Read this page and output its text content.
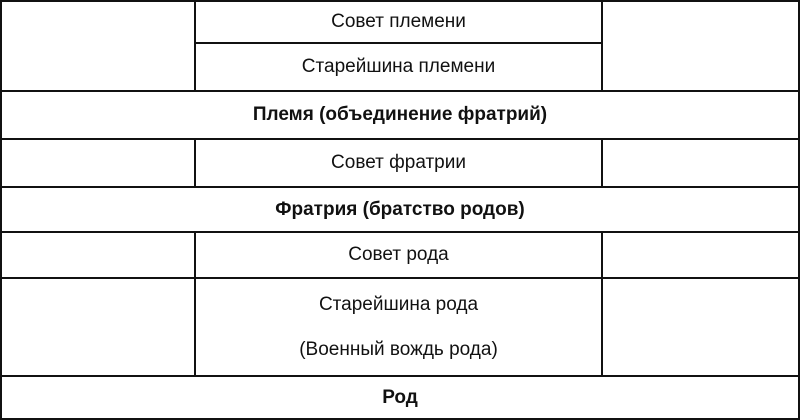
Совет племени
Старейшина племени
Племя (объединение фратрий)
Совет фратрии
Фратрия (братство родов)
Совет рода
Старейшина рода
(Военный вождь рода)
Род
